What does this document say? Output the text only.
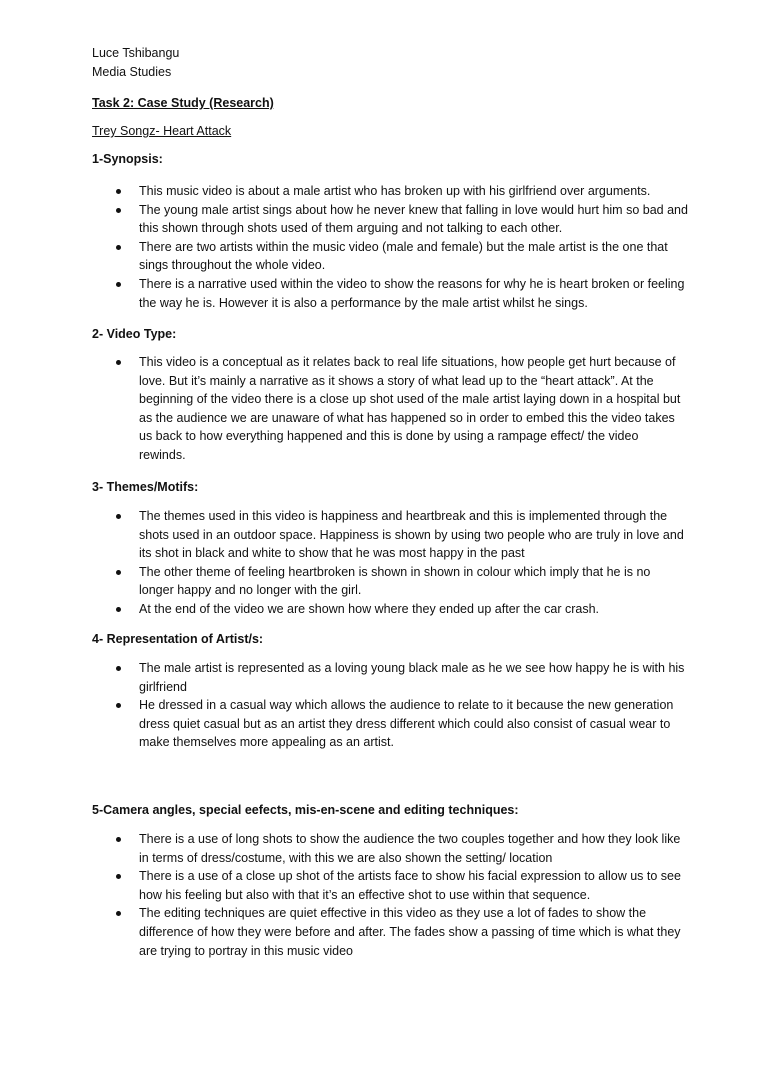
Luce Tshibangu
Media Studies
Task 2: Case Study (Research)
Trey Songz- Heart Attack
1-Synopsis:
This music video is about a male artist who has broken up with his girlfriend over arguments.
The young male artist sings about how he never knew that falling in love would hurt him so bad and this shown through shots used of them arguing and not talking to each other.
There are two artists within the music video (male and female) but the male artist is the one that sings throughout the whole video.
There is a narrative used within the video to show the reasons for why he is heart broken or feeling the way he is. However it is also a performance by the male artist whilst he sings.
2- Video Type:
This video is a conceptual as it relates back to real life situations, how people get hurt because of love. But it’s mainly a narrative as it shows a story of what lead up to the “heart attack”. At the beginning of the video there is a close up shot used of the male artist laying down in a hospital but as the audience we are unaware of what has happened so in order to embed this the video takes us back to how everything happened and this is done by using a rampage effect/ the video rewinds.
3- Themes/Motifs:
The themes used in this video is happiness and heartbreak and this is implemented through the shots used in an outdoor space. Happiness is shown by using two people who are truly in love and its shot in black and white to show that he was most happy in the past
The other theme of feeling heartbroken is shown in shown in colour which imply that he is no longer happy and no longer with the girl.
At the end of the video we are shown how where they ended up after the car crash.
4- Representation of Artist/s:
The male artist is represented as a loving young black male as he we see how happy he is with his girlfriend
He dressed in a casual way which allows the audience to relate to it because the new generation dress quiet casual but as an artist they dress different which could also consist of casual wear to make themselves more appealing as an artist.
5-Camera angles, special eefects, mis-en-scene and editing techniques:
There is a use of long shots to show the audience the two couples together and how they look like in terms of dress/costume, with this we are also shown the setting/ location
There is a use of a close up shot of the artists face to show his facial expression to allow us to see how his feeling but also with that it’s an effective shot to use within that sequence.
The editing techniques are quiet effective in this video as they use a lot of fades to show the difference of how they were before and after. The fades show a passing of time which is what they are trying to portray in this music video
